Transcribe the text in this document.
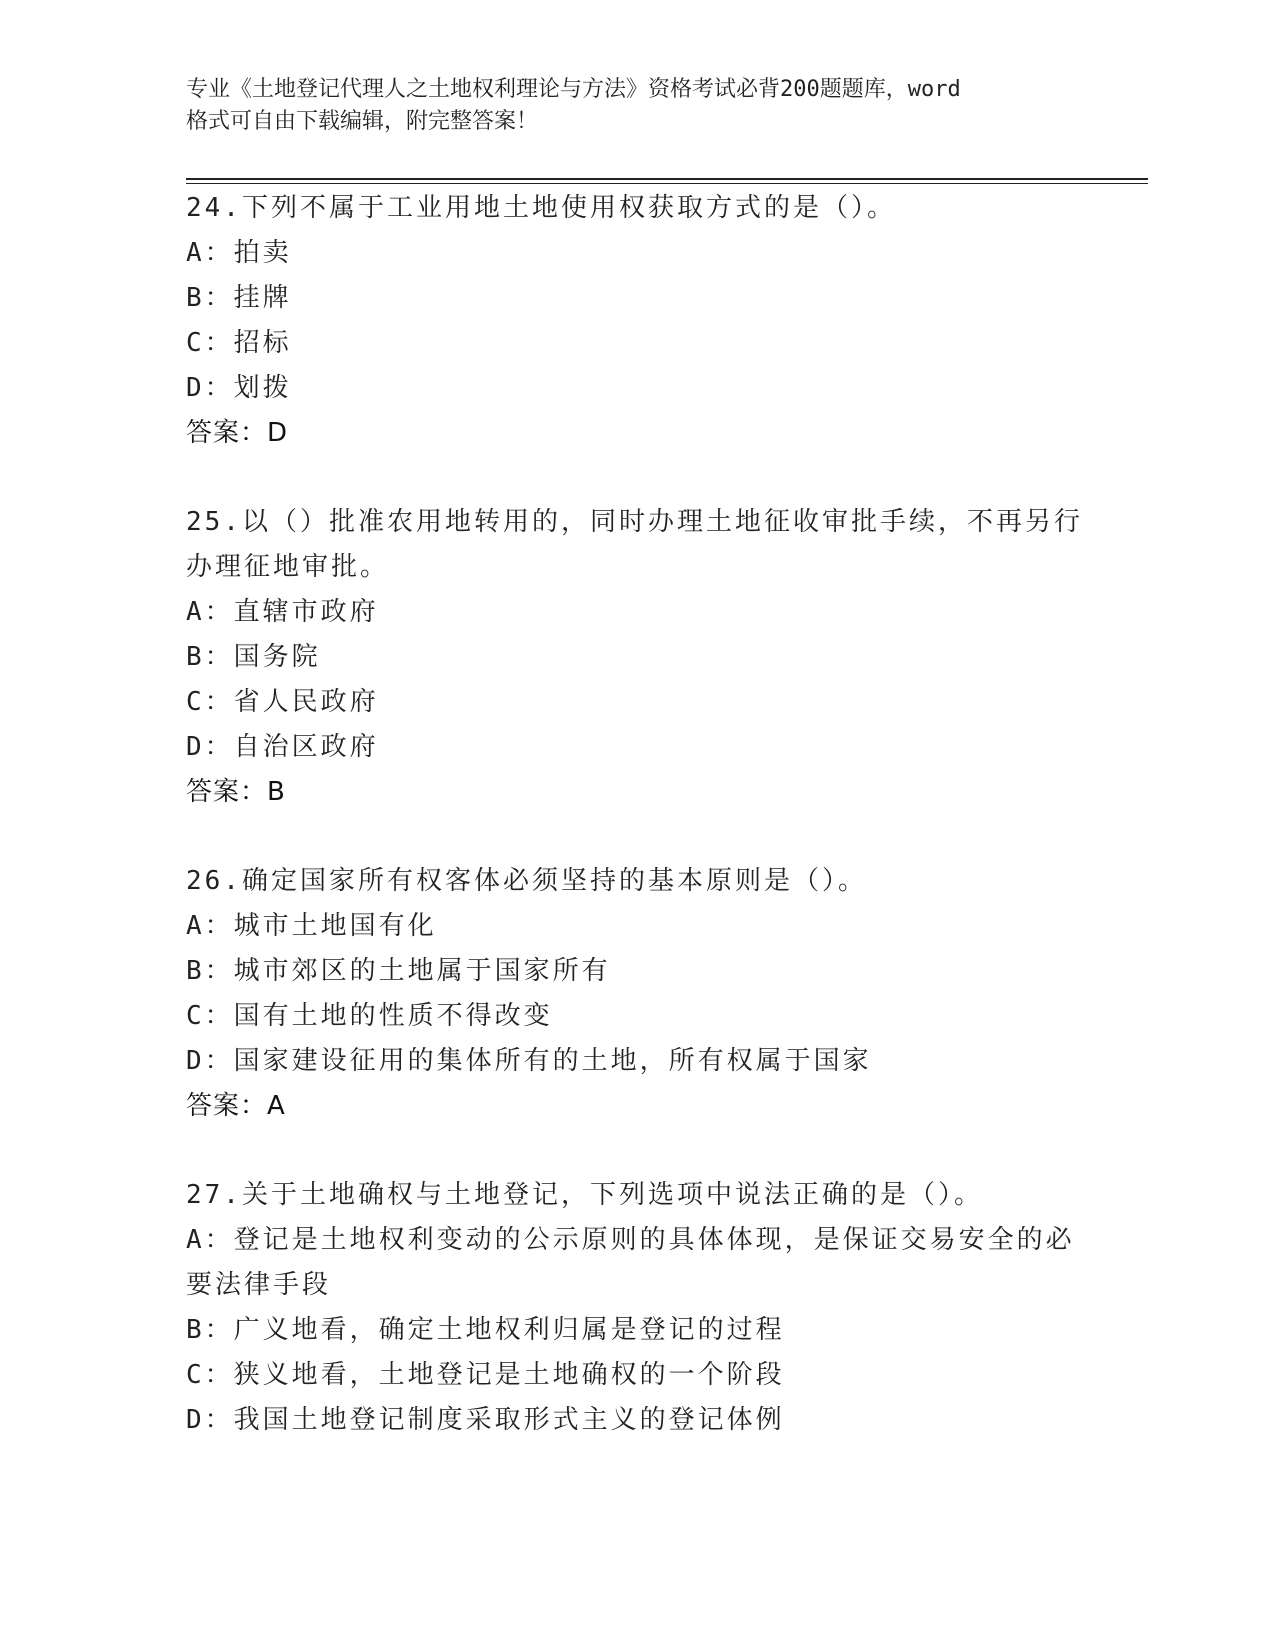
专业《土地登记代理人之土地权利理论与方法》资格考试必背200题题库，word
格式可自由下载编辑，附完整答案！
24.下列不属于工业用地土地使用权获取方式的是（）。
A：拍卖
B：挂牌
C：招标
D：划拨
答案：D
25.以（）批准农用地转用的，同时办理土地征收审批手续，不再另行
办理征地审批。
A：直辖市政府
B：国务院
C：省人民政府
D：自治区政府
答案：B
26.确定国家所有权客体必须坚持的基本原则是（）。
A：城市土地国有化
B：城市郊区的土地属于国家所有
C：国有土地的性质不得改变
D：国家建设征用的集体所有的土地，所有权属于国家
答案：A
27.关于土地确权与土地登记，下列选项中说法正确的是（）。
A：登记是土地权利变动的公示原则的具体体现，是保证交易安全的必
要法律手段
B：广义地看，确定土地权利归属是登记的过程
C：狭义地看，土地登记是土地确权的一个阶段
D：我国土地登记制度采取形式主义的登记体例
